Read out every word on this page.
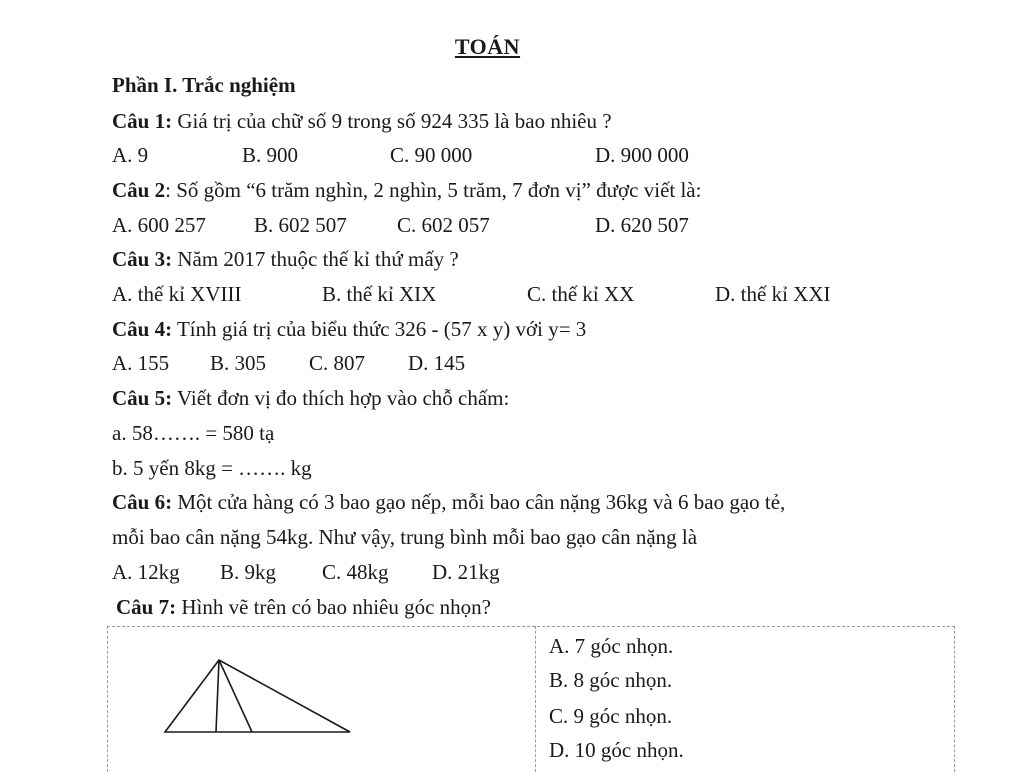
TOÁN
Phần I. Trắc nghiệm
Câu 1: Giá trị của chữ số 9 trong số 924 335 là bao nhiêu ?
A. 9	B. 900	C. 90 000	D. 900 000
Câu 2: Số gồm “6 trăm nghìn, 2 nghìn, 5 trăm, 7 đơn vị” được viết là:
A. 600 257 B. 602 507 C. 602 057	D. 620 507
Câu 3: Năm 2017 thuộc thế kỉ thứ mấy ?
A. thế kỉ XVIII	B. thế kỉ XIX	C. thế kỉ XX	D. thế kỉ XXI
Câu 4: Tính giá trị của biểu thức 326 - (57 x y) với y= 3
A. 155 B. 305 C. 807 D. 145
Câu 5: Viết đơn vị đo thích hợp vào chỗ chấm:
a. 58……. = 580 tạ
b. 5 yến 8kg = ……. kg
Câu 6: Một cửa hàng có 3 bao gạo nếp, mỗi bao cân nặng 36kg và 6 bao gạo tẻ,
mỗi bao cân nặng 54kg. Như vậy, trung bình mỗi bao gạo cân nặng là
A. 12kg B. 9kg C. 48kg D. 21kg
Câu 7: Hình vẽ trên có bao nhiêu góc nhọn?
A. 7 góc nhọn.
B. 8 góc nhọn.
C. 9 góc nhọn.
D. 10 góc nhọn.
